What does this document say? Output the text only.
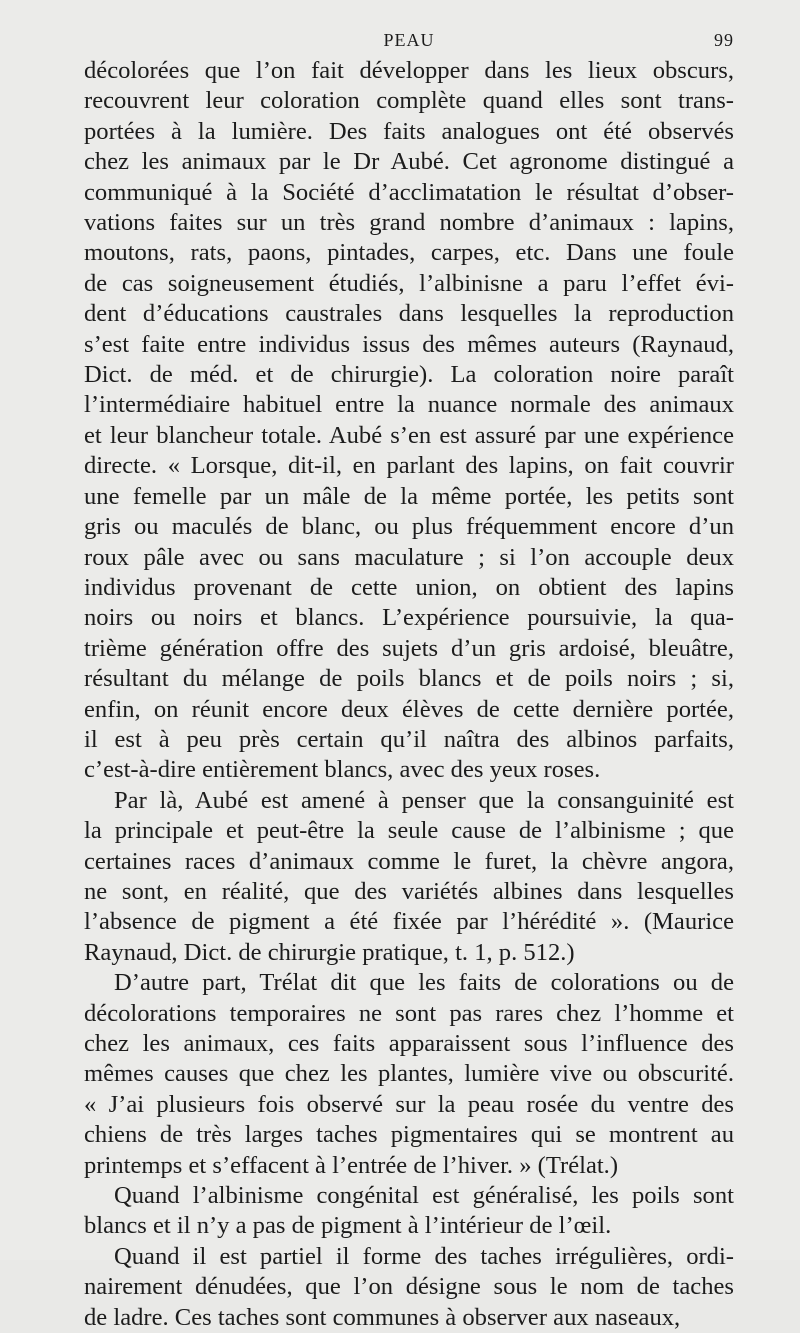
PEAU	99
décolorées que l’on fait développer dans les lieux obscurs,
recouvrent leur coloration complète quand elles sont trans-
portées à la lumière. Des faits analogues ont été observés
chez les animaux par le Dr Aubé. Cet agronome distingué a
communiqué à la Société d’acclimatation le résultat d’obser-
vations faites sur un très grand nombre d’animaux : lapins,
moutons, rats, paons, pintades, carpes, etc. Dans une foule
de cas soigneusement étudiés, l’albinisne a paru l’effet évi-
dent d’éducations caustrales dans lesquelles la reproduction
s’est faite entre individus issus des mêmes auteurs (Raynaud,
Dict. de méd. et de chirurgie). La coloration noire paraît
l’intermédiaire habituel entre la nuance normale des animaux
et leur blancheur totale. Aubé s’en est assuré par une expérience
directe. « Lorsque, dit-il, en parlant des lapins, on fait couvrir
une femelle par un mâle de la même portée, les petits sont
gris ou maculés de blanc, ou plus fréquemment encore d’un
roux pâle avec ou sans maculature ; si l’on accouple deux
individus provenant de cette union, on obtient des lapins
noirs ou noirs et blancs. L’expérience poursuivie, la qua-
trième génération offre des sujets d’un gris ardoisé, bleuâtre,
résultant du mélange de poils blancs et de poils noirs ; si,
enfin, on réunit encore deux élèves de cette dernière portée,
il est à peu près certain qu’il naîtra des albinos parfaits,
c’est-à-dire entièrement blancs, avec des yeux roses.
Par là, Aubé est amené à penser que la consanguinité est
la principale et peut-être la seule cause de l’albinisme ; que
certaines races d’animaux comme le furet, la chèvre angora,
ne sont, en réalité, que des variétés albines dans lesquelles
l’absence de pigment a été fixée par l’hérédité ». (Maurice
Raynaud, Dict. de chirurgie pratique, t. 1, p. 512.)
D’autre part, Trélat dit que les faits de colorations ou de
décolorations temporaires ne sont pas rares chez l’homme et
chez les animaux, ces faits apparaissent sous l’influence des
mêmes causes que chez les plantes, lumière vive ou obscurité.
« J’ai plusieurs fois observé sur la peau rosée du ventre des
chiens de très larges taches pigmentaires qui se montrent au
printemps et s’effacent à l’entrée de l’hiver. » (Trélat.)
Quand l’albinisme congénital est généralisé, les poils sont
blancs et il n’y a pas de pigment à l’intérieur de l’œil.
Quand il est partiel il forme des taches irrégulières, ordi-
nairement dénudées, que l’on désigne sous le nom de taches
de ladre. Ces taches sont communes à observer aux naseaux,
